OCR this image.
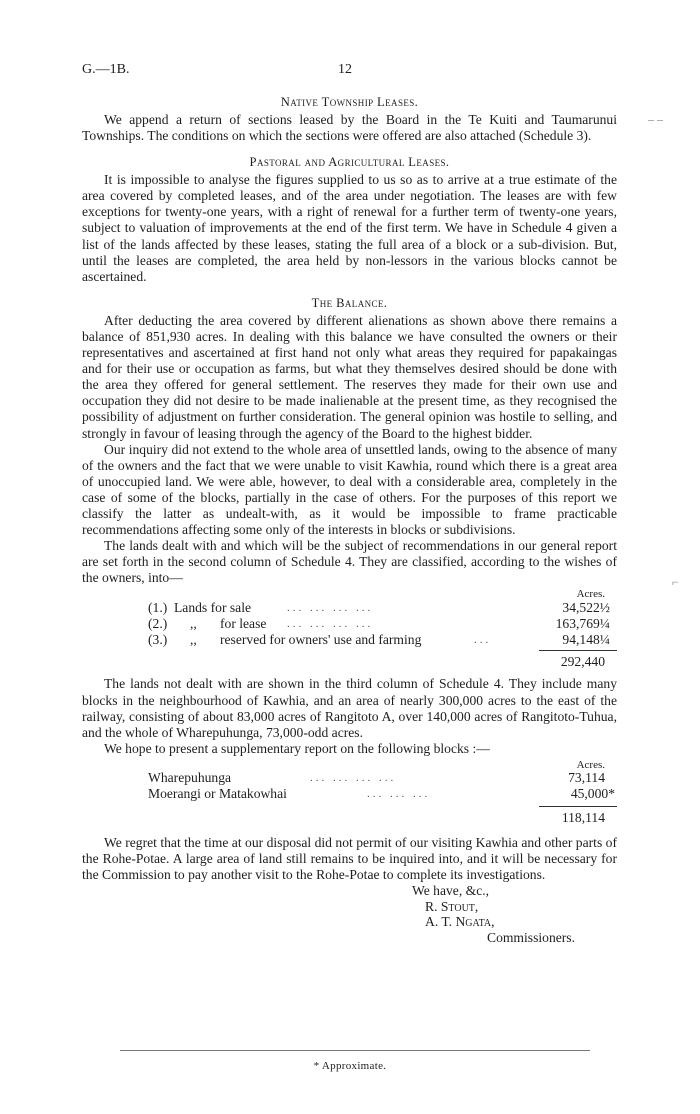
G.—1B.	12
Native Township Leases.

We append a return of sections leased by the Board in the Te Kuiti and Taumarunui Townships. The conditions on which the sections were offered are also attached (Schedule 3).

Pastoral and Agricultural Leases.

It is impossible to analyse the figures supplied to us so as to arrive at a true estimate of the area covered by completed leases, and of the area under negotiation. The leases are with few exceptions for twenty-one years, with a right of renewal for a further term of twenty-one years, subject to valuation of improvements at the end of the first term. We have in Schedule 4 given a list of the lands affected by these leases, stating the full area of a block or a sub-division. But, until the leases are completed, the area held by non-lessors in the various blocks cannot be ascertained.

The Balance.

After deducting the area covered by different alienations as shown above there remains a balance of 851,930 acres. In dealing with this balance we have consulted the owners or their representatives and ascertained at first hand not only what areas they required for papakaingas and for their use or occupation as farms, but what they themselves desired should be done with the area they offered for general settlement. The reserves they made for their own use and occupation they did not desire to be made inalienable at the present time, as they recognised the possibility of adjustment on further consideration. The general opinion was hostile to selling, and strongly in favour of leasing through the agency of the Board to the highest bidder.

Our inquiry did not extend to the whole area of unsettled lands, owing to the absence of many of the owners and the fact that we were unable to visit Kawhia, round which there is a great area of unoccupied land. We were able, however, to deal with a considerable area, completely in the case of some of the blocks, partially in the case of others. For the purposes of this report we classify the latter as undealt-with, as it would be impossible to frame practicable recommendations affecting some only of the interests in blocks or subdivisions.

The lands dealt with and which will be the subject of recommendations in our general report are set forth in the second column of Schedule 4. They are classified, according to the wishes of the owners, into—

Acres.
(1.) Lands for sale	... ... ... ...	34,522½
(2.) ,, for lease ... ... ... ...	163,769¼
(3.) ,, reserved for owners' use and farming	...	94,148¼
292,440

The lands not dealt with are shown in the third column of Schedule 4. They include many blocks in the neighbourhood of Kawhia, and an area of nearly 300,000 acres to the east of the railway, consisting of about 83,000 acres of Rangitoto A, over 140,000 acres of Rangitoto-Tuhua, and the whole of Wharepuhunga, 73,000-odd acres.

We hope to present a supplementary report on the following blocks :—

Acres.
Wharepuhunga	... ... ... ...	73,114
Moerangi or Matakowhai	... ... ...	45,000*
118,114

We regret that the time at our disposal did not permit of our visiting Kawhia and other parts of the Rohe-Potae. A large area of land still remains to be inquired into, and it will be necessary for the Commission to pay another visit to the Rohe-Potae to complete its investigations.

We have, &c.,
R. Stout,
A. T. Ngata,
Commissioners.
* Approximate.
‒ ‒
⌐
